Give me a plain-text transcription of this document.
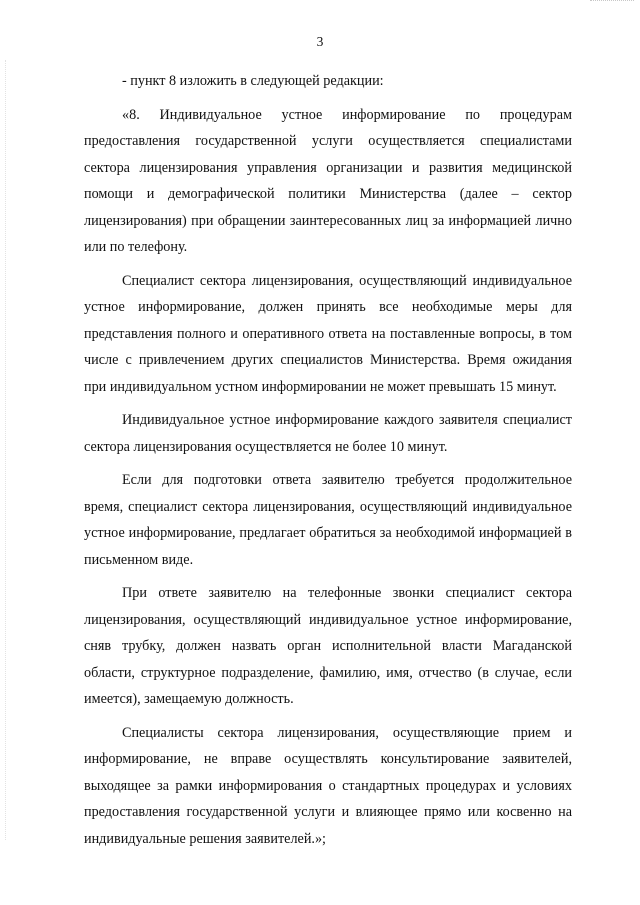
3

- пункт 8 изложить в следующей редакции:

«8. Индивидуальное устное информирование по процедурам предоставления государственной услуги осуществляется специалистами сектора лицензирования управления организации и развития медицинской помощи и демографической политики Министерства (далее – сектор лицензирования) при обращении заинтересованных лиц за информацией лично или по телефону.

Специалист сектора лицензирования, осуществляющий индивидуальное устное информирование, должен принять все необходимые меры для представления полного и оперативного ответа на поставленные вопросы, в том числе с привлечением других специалистов Министерства. Время ожидания при индивидуальном устном информировании не может превышать 15 минут.

Индивидуальное устное информирование каждого заявителя специалист сектора лицензирования осуществляется не более 10 минут.

Если для подготовки ответа заявителю требуется продолжительное время, специалист сектора лицензирования, осуществляющий индивидуальное устное информирование, предлагает обратиться за необходимой информацией в письменном виде.

При ответе заявителю на телефонные звонки специалист сектора лицензирования, осуществляющий индивидуальное устное информирование, сняв трубку, должен назвать орган исполнительной власти Магаданской области, структурное подразделение, фамилию, имя, отчество (в случае, если имеется), замещаемую должность.

Специалисты сектора лицензирования, осуществляющие прием и информирование, не вправе осуществлять консультирование заявителей, выходящее за рамки информирования о стандартных процедурах и условиях предоставления государственной услуги и влияющее прямо или косвенно на индивидуальные решения заявителей.»;
